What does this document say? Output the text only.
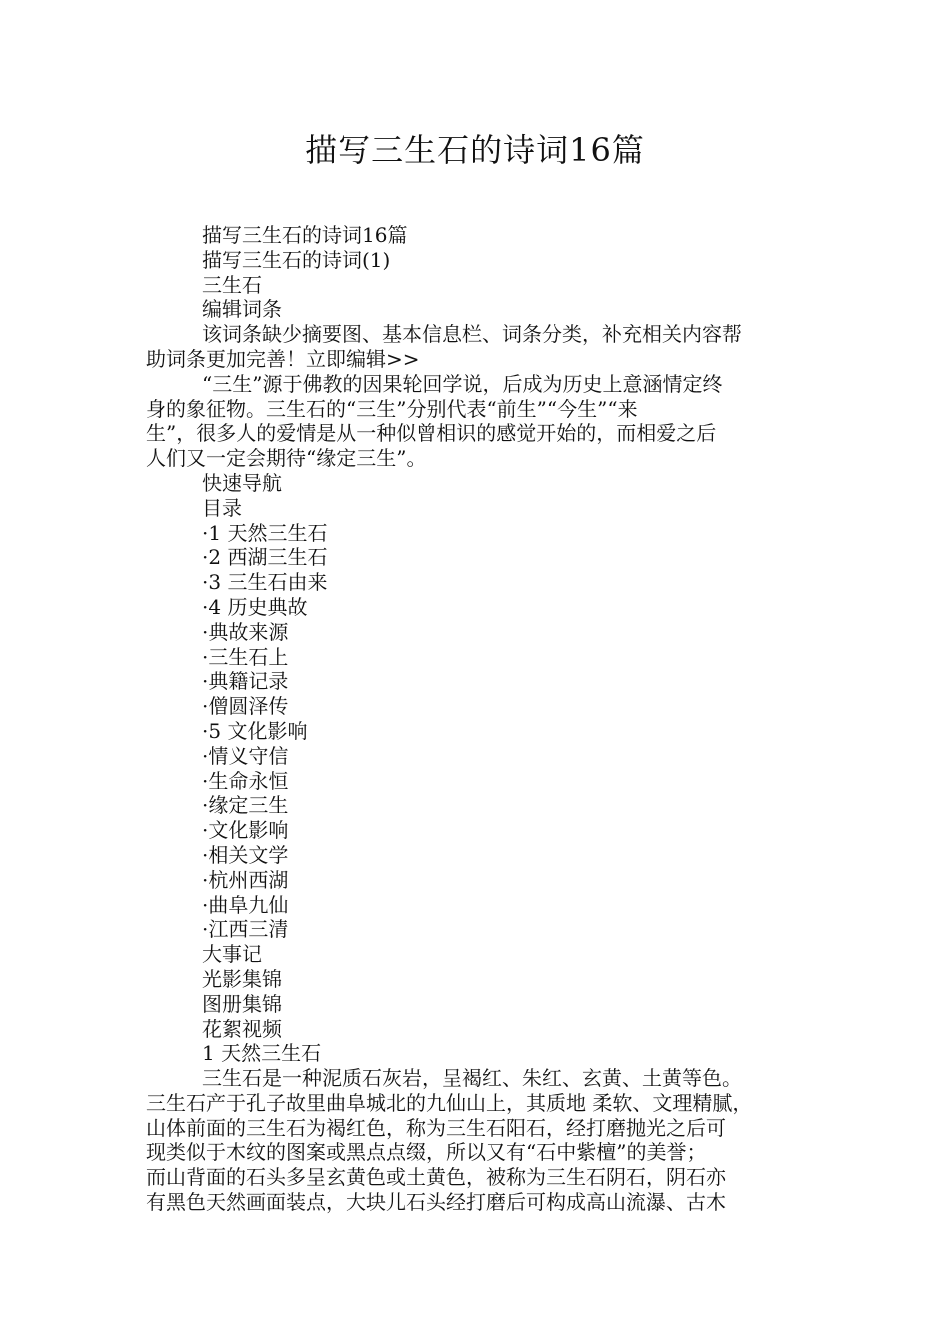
描写三生石的诗词16篇
描写三生石的诗词16篇
描写三生石的诗词(1)
三生石
编辑词条
该词条缺少摘要图、基本信息栏、词条分类，补充相关内容帮
助词条更加完善！立即编辑>>
“三生”源于佛教的因果轮回学说，后成为历史上意涵情定终
身的象征物。三生石的“三生”分别代表“前生”“今生”“来
生”，很多人的爱情是从一种似曾相识的感觉开始的，而相爱之后
人们又一定会期待“缘定三生”。
快速导航
目录
·1 天然三生石
·2 西湖三生石
·3 三生石由来
·4 历史典故
·典故来源
·三生石上
·典籍记录
·僧圆泽传
·5 文化影响
·情义守信
·生命永恒
·缘定三生
·文化影响
·相关文学
·杭州西湖
·曲阜九仙
·江西三清
大事记
光影集锦
图册集锦
花絮视频
1 天然三生石
三生石是一种泥质石灰岩，呈褐红、朱红、玄黄、土黄等色。
三生石产于孔子故里曲阜城北的九仙山上，其质地 柔软、文理精腻，
山体前面的三生石为褐红色，称为三生石阳石，经打磨抛光之后可
现类似于木纹的图案或黑点点缀，所以又有“石中紫檀”的美誉；
而山背面的石头多呈玄黄色或土黄色，被称为三生石阴石，阴石亦
有黑色天然画面装点，大块儿石头经打磨后可构成高山流瀑、古木
